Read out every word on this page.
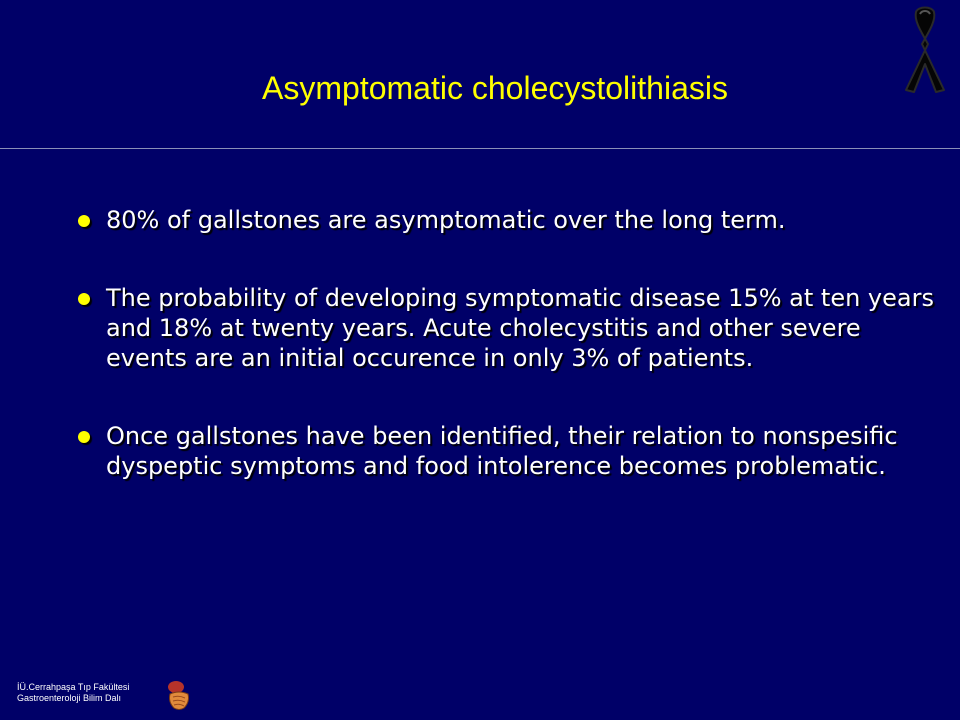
Asymptomatic cholecystolithiasis
80% of gallstones are asymptomatic over the long term.
The probability of developing symptomatic disease 15% at ten years and 18% at twenty years. Acute cholecystitis and other severe events are an initial occurence in only 3% of patients.
Once gallstones have been identified, their relation to nonspesific dyspeptic symptoms and food intolerence becomes problematic.
İÜ.Cerrahpaşa Tıp Fakültesi
Gastroenteroloji Bilim Dalı
